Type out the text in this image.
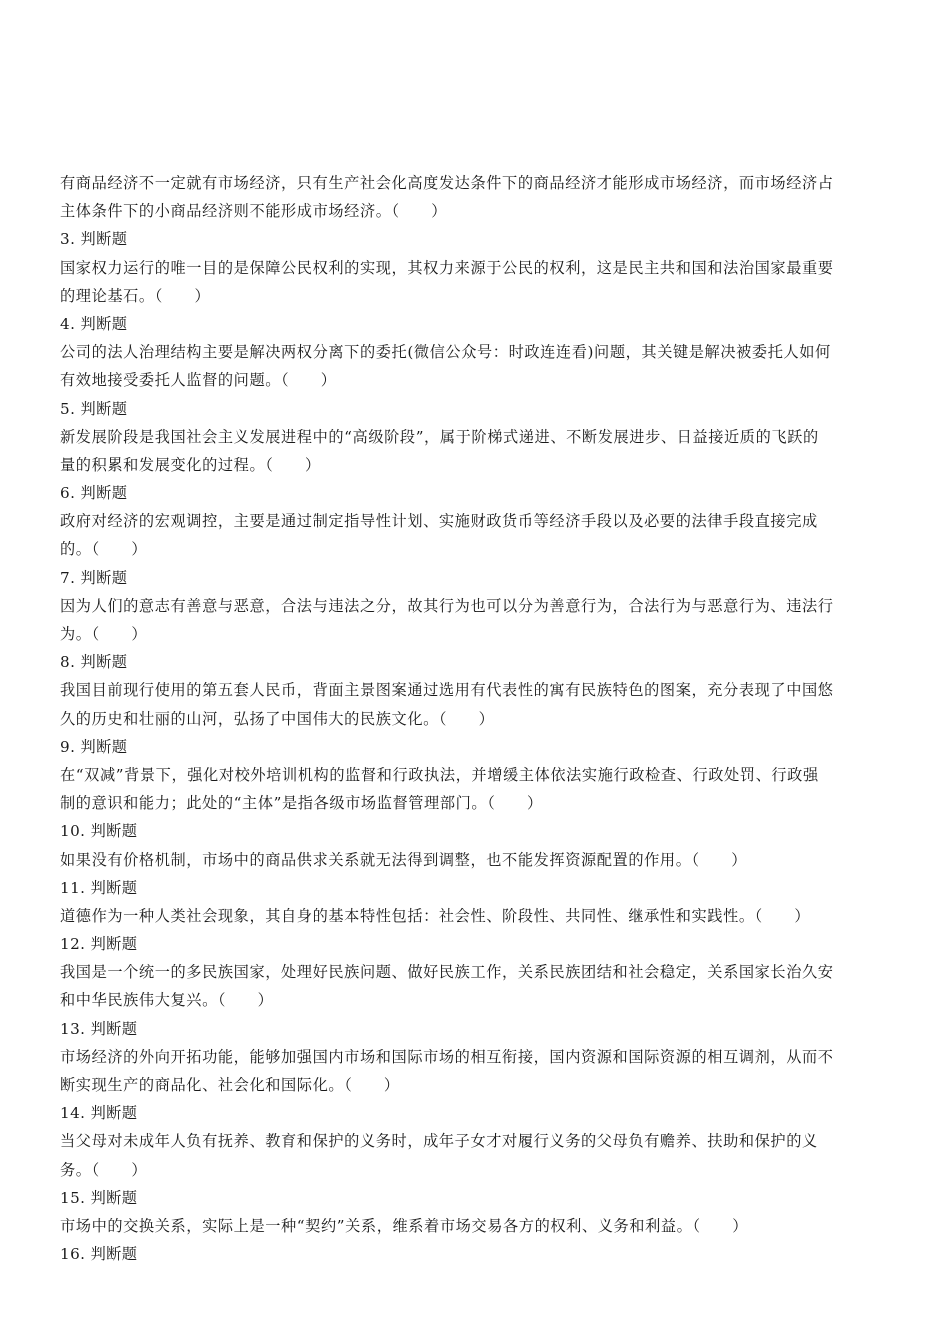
有商品经济不一定就有市场经济，只有生产社会化高度发达条件下的商品经济才能形成市场经济，而市场经济占
主体条件下的小商品经济则不能形成市场经济。（　　）
3. 判断题
国家权力运行的唯一目的是保障公民权利的实现，其权力来源于公民的权利，这是民主共和国和法治国家最重要
的理论基石。（　　）
4. 判断题
公司的法人治理结构主要是解决两权分离下的委托(微信公众号：时政连连看)问题，其关键是解决被委托人如何
有效地接受委托人监督的问题。（　　）
5. 判断题
新发展阶段是我国社会主义发展进程中的“高级阶段”，属于阶梯式递进、不断发展进步、日益接近质的飞跃的
量的积累和发展变化的过程。（　　）
6. 判断题
政府对经济的宏观调控，主要是通过制定指导性计划、实施财政货币等经济手段以及必要的法律手段直接完成
的。（　　）
7. 判断题
因为人们的意志有善意与恶意，合法与违法之分，故其行为也可以分为善意行为，合法行为与恶意行为、违法行
为。（　　）
8. 判断题
我国目前现行使用的第五套人民币，背面主景图案通过选用有代表性的寓有民族特色的图案，充分表现了中国悠
久的历史和壮丽的山河，弘扬了中国伟大的民族文化。（　　）
9. 判断题
在“双减”背景下，强化对校外培训机构的监督和行政执法，并增缓主体依法实施行政检查、行政处罚、行政强
制的意识和能力；此处的“主体”是指各级市场监督管理部门。（　　）
10. 判断题
如果没有价格机制，市场中的商品供求关系就无法得到调整，也不能发挥资源配置的作用。（　　）
11. 判断题
道德作为一种人类社会现象，其自身的基本特性包括：社会性、阶段性、共同性、继承性和实践性。（　　）
12. 判断题
我国是一个统一的多民族国家，处理好民族问题、做好民族工作，关系民族团结和社会稳定，关系国家长治久安
和中华民族伟大复兴。（　　）
13. 判断题
市场经济的外向开拓功能，能够加强国内市场和国际市场的相互衔接，国内资源和国际资源的相互调剂，从而不
断实现生产的商品化、社会化和国际化。（　　）
14. 判断题
当父母对未成年人负有抚养、教育和保护的义务时，成年子女才对履行义务的父母负有赡养、扶助和保护的义
务。（　　）
15. 判断题
市场中的交换关系，实际上是一种“契约”关系，维系着市场交易各方的权利、义务和利益。（　　）
16. 判断题
